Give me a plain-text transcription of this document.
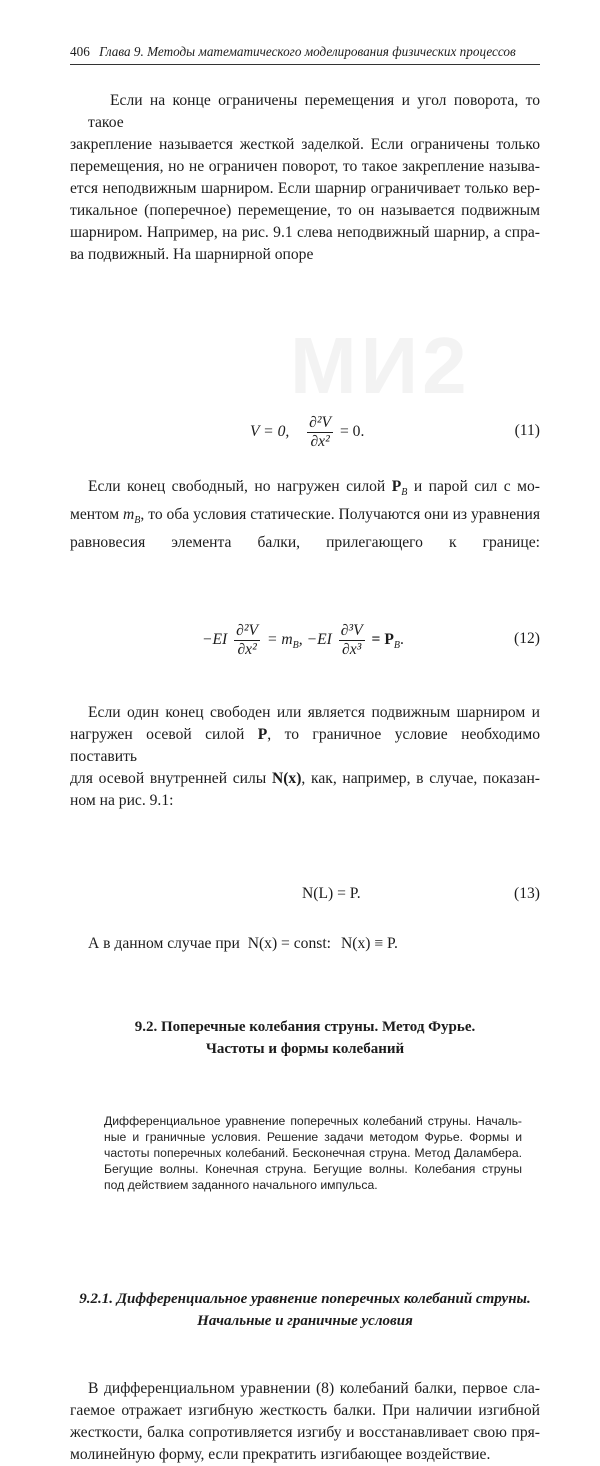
МИ2
406 Глава 9. Методы математического моделирования физических процессов
Если на конце ограничены перемещения и угол поворота, то такое
закрепление называется жесткой заделкой. Если ограничены только
перемещения, но не ограничен поворот, то такое закрепление называ-
ется неподвижным шарниром. Если шарнир ограничивает только вер-
тикальное (поперечное) перемещение, то он называется подвижным
шарниром. Например, на рис. 9.1 слева неподвижный шарнир, а спра-
ва подвижный. На шарнирной опоре
V = 0, $\frac{\text{∂²V}}{\text{∂x²}} = 0$.	(11)
Если конец свободный, но нагружен силой $P_B$ и парой сил с мо-
ментом $m_B$, то оба условия статические. Получаются они из уравнения
равновесия элемента балки, прилегающего к границе:
$-EI \frac{\text{∂²V}}{\text{∂x²}} = m_B$, $-EI \frac{\text{∂³V}}{\text{∂x³}} = P_B$.	(12)
Если один конец свободен или является подвижным шарниром и
нагружен осевой силой P, то граничное условие необходимо поставить
для осевой внутренней силы N(x), как, например, в случае, показан-
ном на рис. 9.1:
N(L) = P.	(13)
А в данном случае при N(x) = const: N(x) ≡ P.
9.2. Поперечные колебания струны. Метод Фурье.
Частоты и формы колебаний
Дифференциальное уравнение поперечных колебаний струны. Началь-
ные и граничные условия. Решение задачи методом Фурье. Формы и
частоты поперечных колебаний. Бесконечная струна. Метод Даламбера.
Бегущие волны. Конечная струна. Бегущие волны. Колебания струны
под действием заданного начального импульса.
9.2.1. Дифференциальное уравнение поперечных колебаний струны.
Начальные и граничные условия
В дифференциальном уравнении (8) колебаний балки, первое сла-
гаемое отражает изгибную жесткость балки. При наличии изгибной
жесткости, балка сопротивляется изгибу и восстанавливает свою пря-
молинейную форму, если прекратить изгибающее воздействие.
